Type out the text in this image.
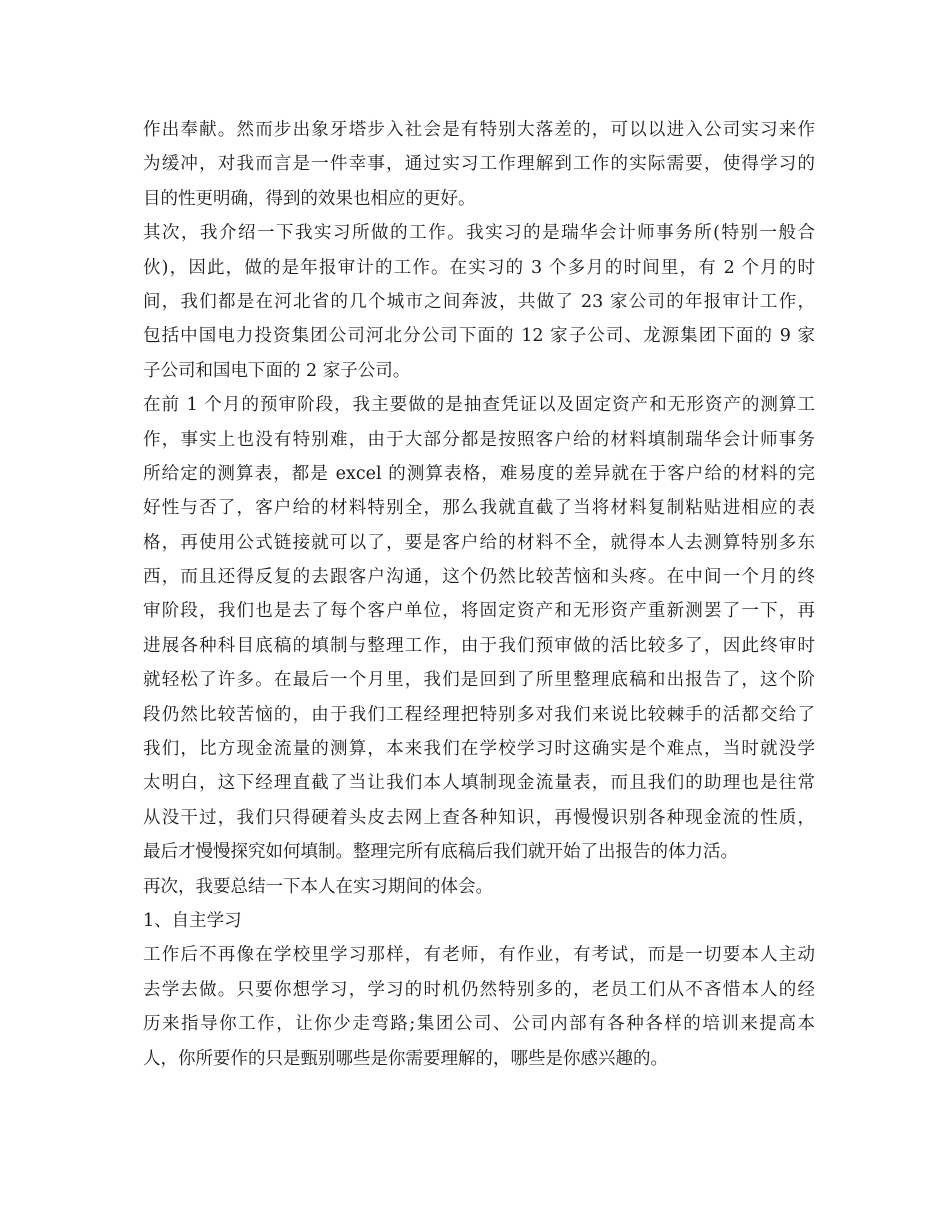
作出奉献。然而步出象牙塔步入社会是有特别大落差的，可以以进入公司实习来作
为缓冲，对我而言是一件幸事，通过实习工作理解到工作的实际需要，使得学习的
目的性更明确，得到的效果也相应的更好。
其次，我介绍一下我实习所做的工作。我实习的是瑞华会计师事务所(特别一般合
伙)，因此，做的是年报审计的工作。在实习的 3 个多月的时间里，有 2 个月的时
间，我们都是在河北省的几个城市之间奔波，共做了 23 家公司的年报审计工作，
包括中国电力投资集团公司河北分公司下面的 12 家子公司、龙源集团下面的 9 家
子公司和国电下面的 2 家子公司。
在前 1 个月的预审阶段，我主要做的是抽查凭证以及固定资产和无形资产的测算工
作，事实上也没有特别难，由于大部分都是按照客户给的材料填制瑞华会计师事务
所给定的测算表，都是 excel 的测算表格，难易度的差异就在于客户给的材料的完
好性与否了，客户给的材料特别全，那么我就直截了当将材料复制粘贴进相应的表
格，再使用公式链接就可以了，要是客户给的材料不全，就得本人去测算特别多东
西，而且还得反复的去跟客户沟通，这个仍然比较苦恼和头疼。在中间一个月的终
审阶段，我们也是去了每个客户单位，将固定资产和无形资产重新测罢了一下，再
进展各种科目底稿的填制与整理工作，由于我们预审做的活比较多了，因此终审时
就轻松了许多。在最后一个月里，我们是回到了所里整理底稿和出报告了，这个阶
段仍然比较苦恼的，由于我们工程经理把特别多对我们来说比较棘手的活都交给了
我们，比方现金流量的测算，本来我们在学校学习时这确实是个难点，当时就没学
太明白，这下经理直截了当让我们本人填制现金流量表，而且我们的助理也是往常
从没干过，我们只得硬着头皮去网上查各种知识，再慢慢识别各种现金流的性质，
最后才慢慢探究如何填制。整理完所有底稿后我们就开始了出报告的体力活。
再次，我要总结一下本人在实习期间的体会。
1、自主学习
工作后不再像在学校里学习那样，有老师，有作业，有考试，而是一切要本人主动
去学去做。只要你想学习，学习的时机仍然特别多的，老员工们从不吝惜本人的经
历来指导你工作，让你少走弯路;集团公司、公司内部有各种各样的培训来提高本
人，你所要作的只是甄别哪些是你需要理解的，哪些是你感兴趣的。
